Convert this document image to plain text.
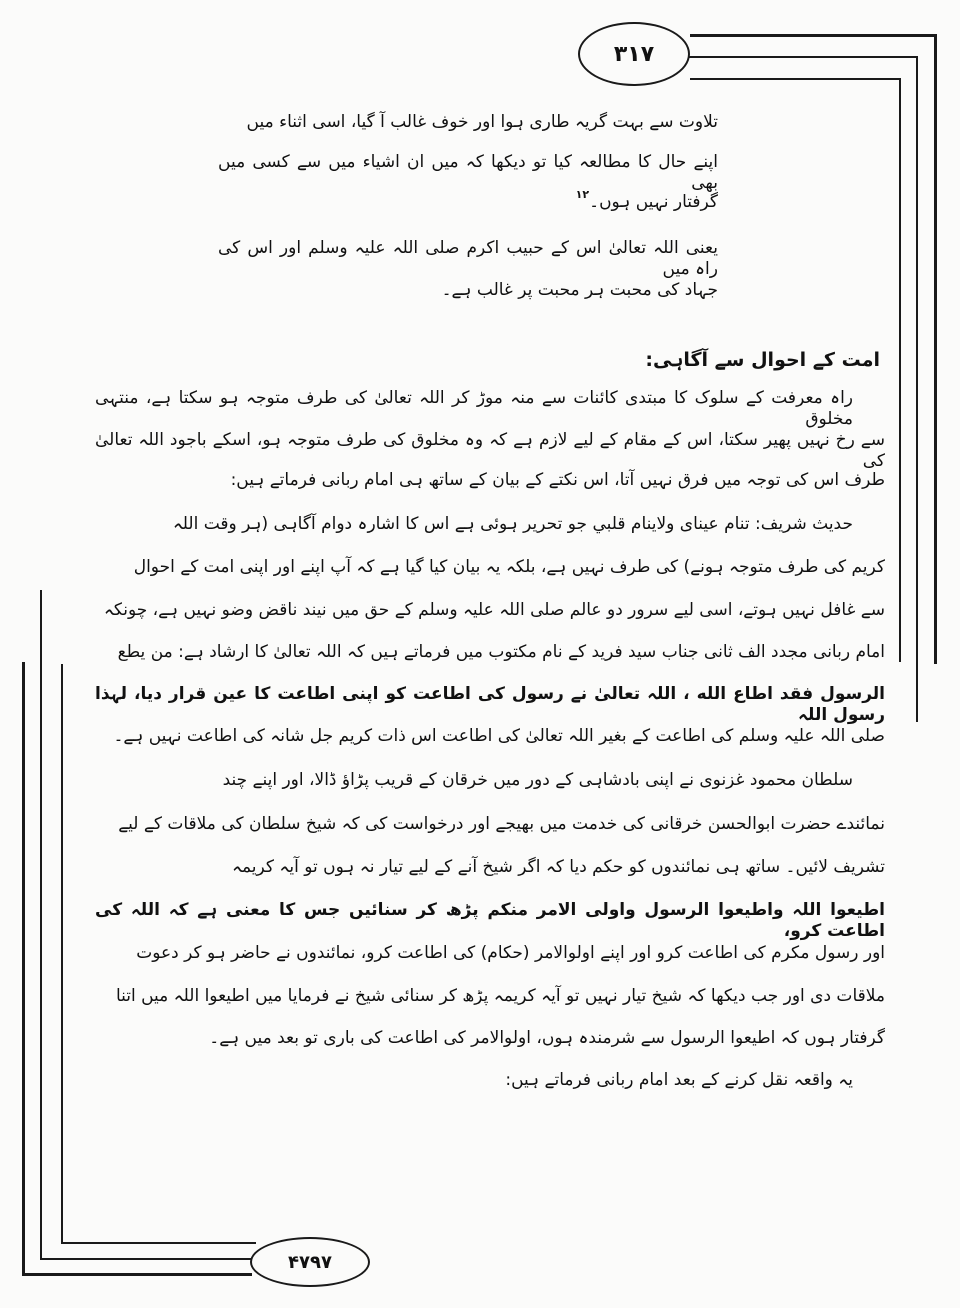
۳۱۷
۴۷۹۷
تلاوت سے بہت گریہ طاری ہوا اور خوف غالب آ گیا، اسی اثناء میں
اپنے حال کا مطالعہ کیا تو دیکھا کہ میں ان اشیاء میں سے کسی میں بھی
گرفتار نہیں ہوں۔$^{۱۲}$
یعنی اللہ تعالیٰ اس کے حبیب اکرم صلی اللہ علیہ وسلم اور اس کی راہ میں
جہاد کی محبت ہر محبت پر غالب ہے۔
امت کے احوال سے آگاہی:
راہ معرفت کے سلوک کا مبتدی کائنات سے منہ موڑ کر اللہ تعالیٰ کی طرف متوجہ ہو سکتا ہے، منتہی مخلوق
سے رخ نہیں پھیر سکتا، اس کے مقام کے لیے لازم ہے کہ وہ مخلوق کی طرف متوجہ ہو، اسکے باجود اللہ تعالیٰ کی
طرف اس کی توجہ میں فرق نہیں آتا، اس نکتے کے بیان کے ساتھ ہی امام ربانی فرماتے ہیں:
حدیث شریف: تنام عیناى ولاينام قلبي جو تحریر ہوئی ہے اس کا اشارہ دوام آگاہی (ہر وقت اللہ
کریم کی طرف متوجہ ہونے) کی طرف نہیں ہے، بلکہ یہ بیان کیا گیا ہے کہ آپ اپنے اور اپنی امت کے احوال
سے غافل نہیں ہوتے، اسی لیے سرور دو عالم صلی اللہ علیہ وسلم کے حق میں نیند ناقض وضو نہیں ہے، چونکہ
امام ربانی مجدد الف ثانی جناب سید فرید کے نام مکتوب میں فرماتے ہیں کہ اللہ تعالیٰ کا ارشاد ہے: من يطع
الرسول فقد اطاع الله ، اللہ تعالیٰ نے رسول کی اطاعت کو اپنی اطاعت کا عین قرار دیا، لہذا رسول اللہ
صلی اللہ علیہ وسلم کی اطاعت کے بغیر اللہ تعالیٰ کی اطاعت اس ذات کریم جل شانہ کی اطاعت نہیں ہے۔
سلطان محمود غزنوی نے اپنی بادشاہی کے دور میں خرقان کے قریب پڑاؤ ڈالا، اور اپنے چند
نمائندے حضرت ابوالحسن خرقانی کی خدمت میں بھیجے اور درخواست کی کہ شیخ سلطان کی ملاقات کے لیے
تشریف لائیں۔ ساتھ ہی نمائندوں کو حکم دیا کہ اگر شیخ آنے کے لیے تیار نہ ہوں تو آیہ کریمہ
اطیعوا اللہ واطیعوا الرسول واولی الامر منکم پڑھ کر سنائیں جس کا معنی ہے کہ اللہ کی اطاعت کرو،
اور رسول مکرم کی اطاعت کرو اور اپنے اولوالامر (حکام) کی اطاعت کرو، نمائندوں نے حاضر ہو کر دعوت
ملاقات دی اور جب دیکھا کہ شیخ تیار نہیں تو آیہ کریمہ پڑھ کر سنائی شیخ نے فرمایا میں اطیعوا اللہ میں اتنا
گرفتار ہوں کہ اطیعوا الرسول سے شرمندہ ہوں، اولوالامر کی اطاعت کی باری تو بعد میں ہے۔
یہ واقعہ نقل کرنے کے بعد امام ربانی فرماتے ہیں:
